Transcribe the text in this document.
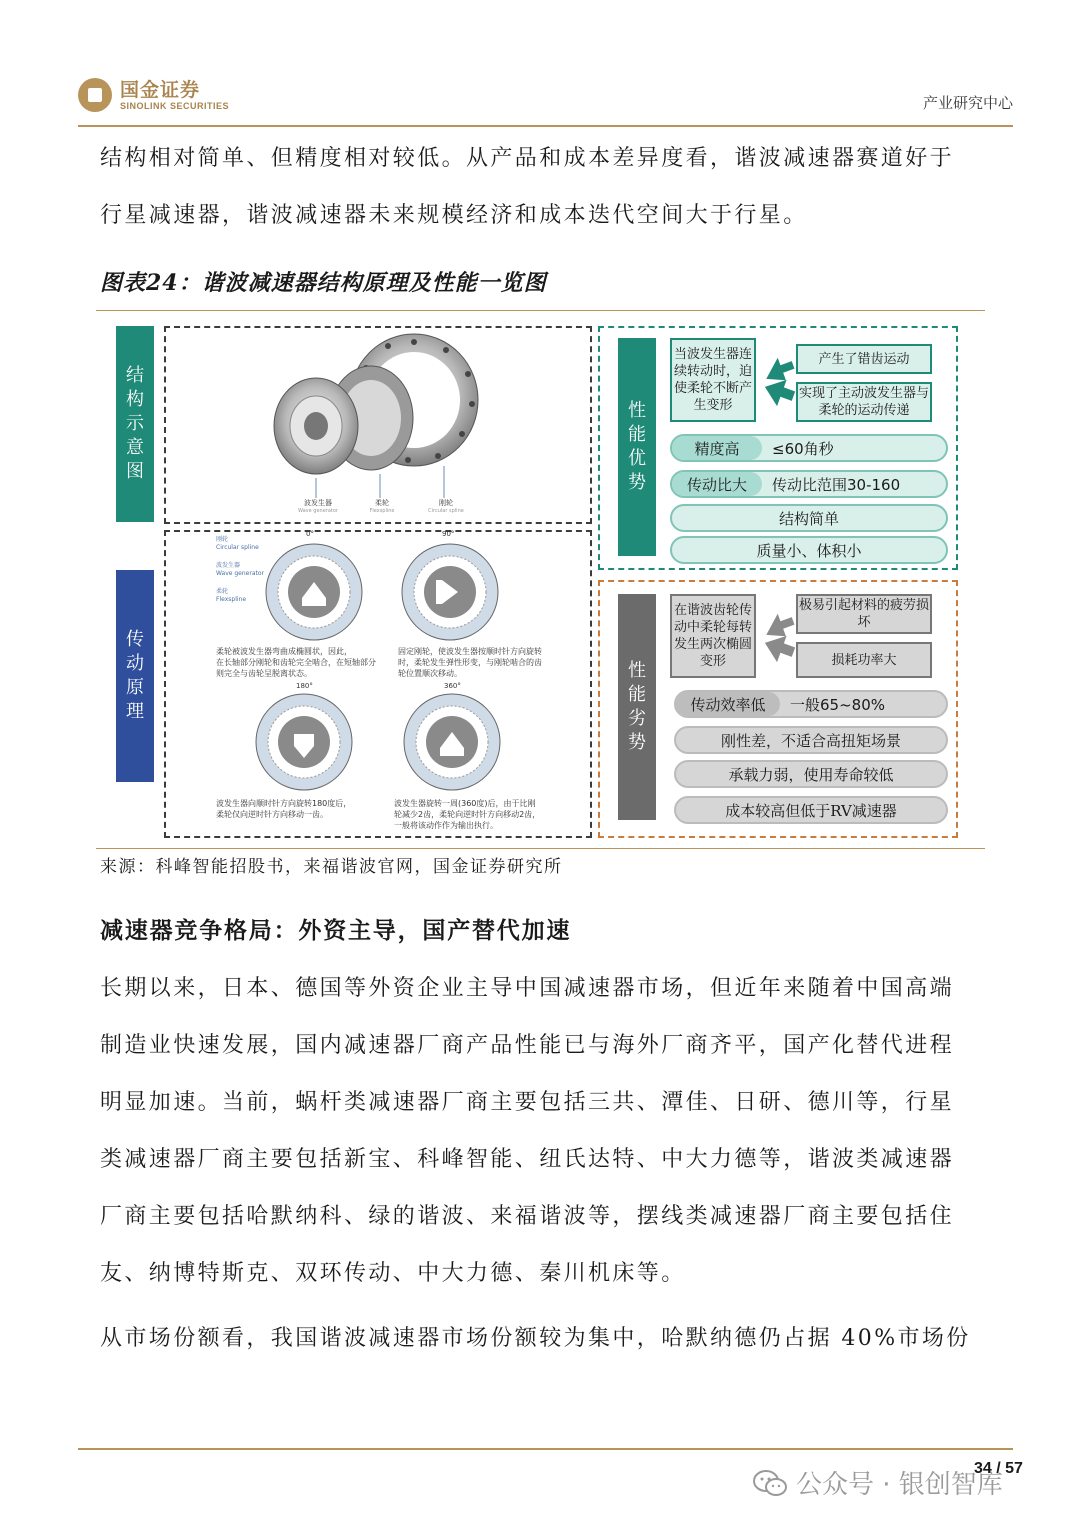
国金证券
SINOLINK SECURITIES	产业研究中心
结构相对简单、但精度相对较低。从产品和成本差异度看，谐波减速器赛道好于
行星减速器，谐波减速器未来规模经济和成本迭代空间大于行星。
图表24：谐波减速器结构原理及性能一览图
结构示意图
传动原理
波发生器
Wave generator
柔轮
Flexspline
刚轮
Circular spline
刚轮
Circular spline
波发生器
Wave generator
柔轮
Flexspline
0°	90°
180°	360°
柔轮被波发生器弯曲成椭圆状，因此，
在长轴部分刚轮和齿轮完全啮合，在短轴部分
则完全与齿轮呈脱离状态。
固定刚轮，使波发生器按顺时针方向旋转
时，柔轮发生弹性形变，与刚轮啮合的齿
轮位置顺次移动。
波发生器向顺时针方向旋转180度后，
柔轮仅向逆时针方向移动一齿。
波发生器旋转一周(360度)后，由于比刚
轮减少2齿，柔轮向逆时针方向移动2齿，
一般将该动作作为输出执行。
性能优势
当波发生器连续转动时，迫使柔轮不断产生变形
产生了错齿运动
实现了主动波发生器与柔轮的运动传递
精度高	≤60角秒
传动比大	传动比范围30-160
结构简单
质量小、体积小
性能劣势
在谐波齿轮传动中柔轮每转发生两次椭圆变形
极易引起材料的疲劳损坏
损耗功率大
传动效率低	一般65~80%
刚性差，不适合高扭矩场景
承载力弱，使用寿命较低
成本较高但低于RV减速器
来源：科峰智能招股书，来福谐波官网，国金证券研究所
减速器竞争格局：外资主导，国产替代加速
长期以来，日本、德国等外资企业主导中国减速器市场，但近年来随着中国高端
制造业快速发展，国内减速器厂商产品性能已与海外厂商齐平，国产化替代进程
明显加速。当前，蜗杆类减速器厂商主要包括三共、潭佳、日研、德川等，行星
类减速器厂商主要包括新宝、科峰智能、纽氏达特、中大力德等，谐波类减速器
厂商主要包括哈默纳科、绿的谐波、来福谐波等，摆线类减速器厂商主要包括住
友、纳博特斯克、双环传动、中大力德、秦川机床等。
从市场份额看，我国谐波减速器市场份额较为集中，哈默纳德仍占据 40%市场份
公众号 · 银创智库
34 / 57
